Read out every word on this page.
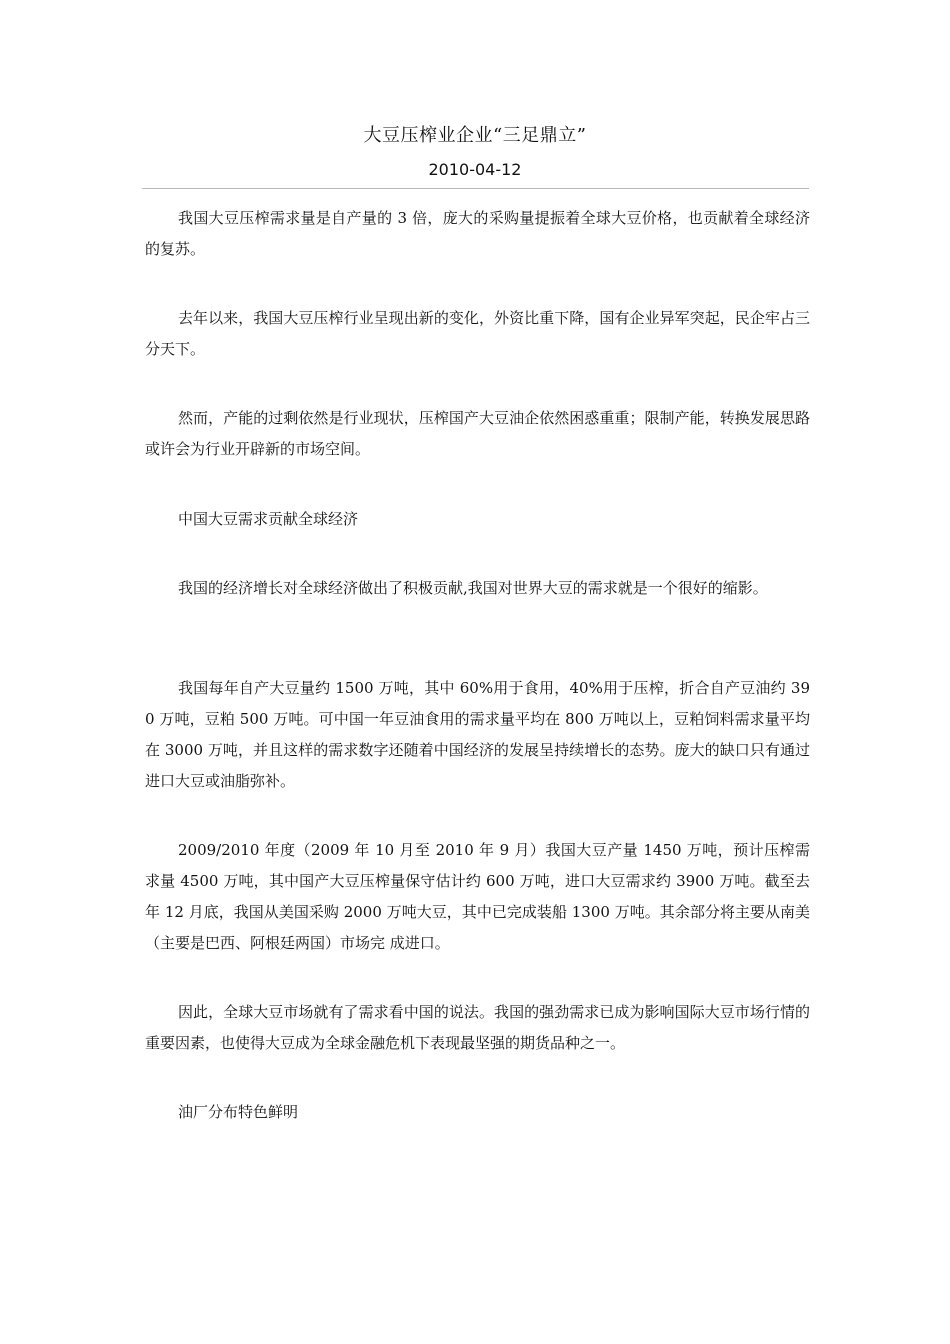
大豆压榨业企业“三足鼎立”
2010-04-12
我国大豆压榨需求量是自产量的 3 倍，庞大的采购量提振着全球大豆价格，也贡献着全球经济的复苏。
去年以来，我国大豆压榨行业呈现出新的变化，外资比重下降，国有企业异军突起，民企牢占三分天下。
然而，产能的过剩依然是行业现状，压榨国产大豆油企依然困惑重重；限制产能，转换发展思路或许会为行业开辟新的市场空间。
中国大豆需求贡献全球经济
我国的经济增长对全球经济做出了积极贡献,我国对世界大豆的需求就是一个很好的缩影。
我国每年自产大豆量约 1500 万吨，其中 60%用于食用，40%用于压榨，折合自产豆油约 390 万吨，豆粕 500 万吨。可中国一年豆油食用的需求量平均在 800 万吨以上，豆粕饲料需求量平均在 3000 万吨，并且这样的需求数字还随着中国经济的发展呈持续增长的态势。庞大的缺口只有通过进口大豆或油脂弥补。
2009/2010 年度（2009 年 10 月至 2010 年 9 月）我国大豆产量 1450 万吨，预计压榨需求量 4500 万吨，其中国产大豆压榨量保守估计约 600 万吨，进口大豆需求约 3900 万吨。截至去年 12 月底，我国从美国采购 2000 万吨大豆，其中已完成装船 1300 万吨。其余部分将主要从南美（主要是巴西、阿根廷两国）市场完 成进口。
因此，全球大豆市场就有了需求看中国的说法。我国的强劲需求已成为影响国际大豆市场行情的重要因素，也使得大豆成为全球金融危机下表现最坚强的期货品种之一。
油厂分布特色鲜明
